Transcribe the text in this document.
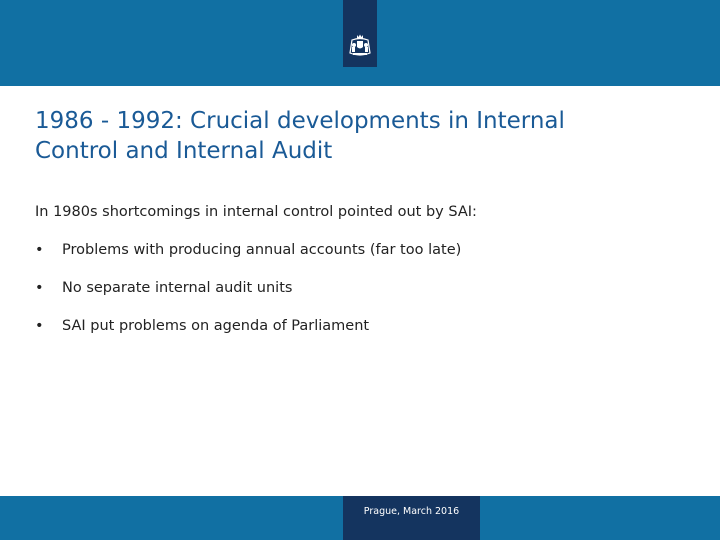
1986 - 1992: Crucial developments in Internal
Control and Internal Audit
In 1980s shortcomings in internal control pointed out by SAI:
• Problems with producing annual accounts (far too late)
• No separate internal audit units
• SAI put problems on agenda of Parliament
Prague, March 2016
